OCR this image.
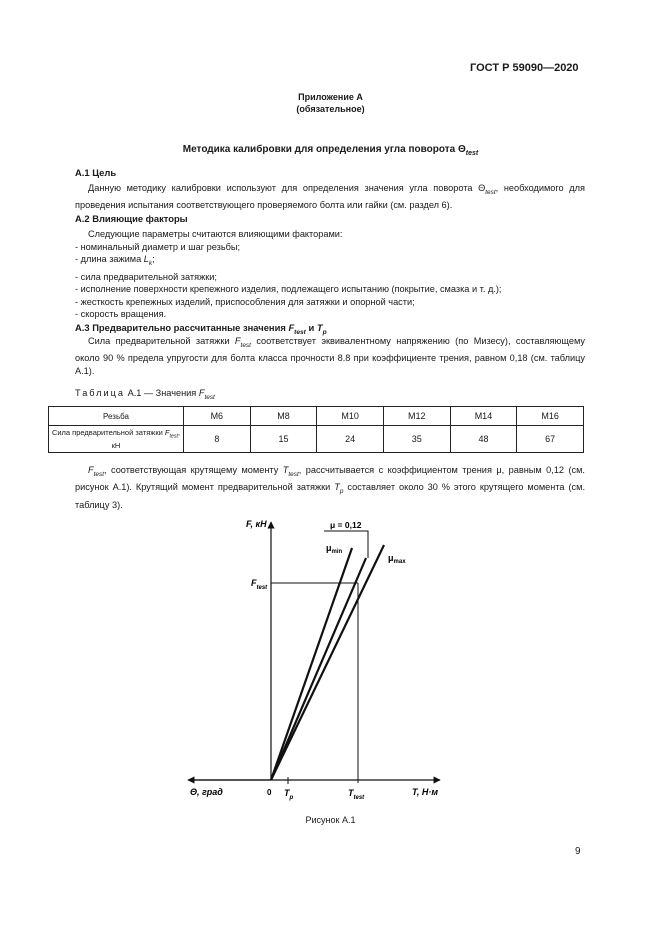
ГОСТ Р 59090—2020
Приложение А
(обязательное)
Методика калибровки для определения угла поворота $\Theta_{test}$
А.1 Цель
Данную методику калибровки используют для определения значения угла поворота $\Theta_{test}$, необходимого для проведения испытания соответствующего проверяемого болта или гайки (см. раздел 6).
А.2 Влияющие факторы
Следующие параметры считаются влияющими факторами:
- номинальный диаметр и шаг резьбы;
- длина зажима $L_k$;
- сила предварительной затяжки;
- исполнение поверхности крепежного изделия, подлежащего испытанию (покрытие, смазка и т. д.);
- жесткость крепежных изделий, приспособления для затяжки и опорной части;
- скорость вращения.
А.3 Предварительно рассчитанные значения $F_{test}$ и $T_p$
Сила предварительной затяжки $F_{test}$ соответствует эквивалентному напряжению (по Мизесу), составляющему около 90 % предела упругости для болта класса прочности 8.8 при коэффициенте трения, равном 0,18 (см. таблицу А.1).
Таблица А.1 — Значения $F_{test}$
Резьба	М6	М8	М10	М12	М14	М16
Сила предварительной затяжки $F_{test}$, кН	8	15	24	35	48	67
$F_{test}$, соответствующая крутящему моменту $T_{test}$, рассчитывается с коэффициентом трения μ, равным 0,12 (см. рисунок А.1). Крутящий момент предварительной затяжки $T_p$ составляет около 30 % этого крутящего момента (см. таблицу 3).
F, кН
T, Н·м
Θ, град	0 $T_p$	$T_{test}$
$F_{test}$
μ = 0,12
$\mu_{min}$
$\mu_{max}$
Рисунок А.1
9
